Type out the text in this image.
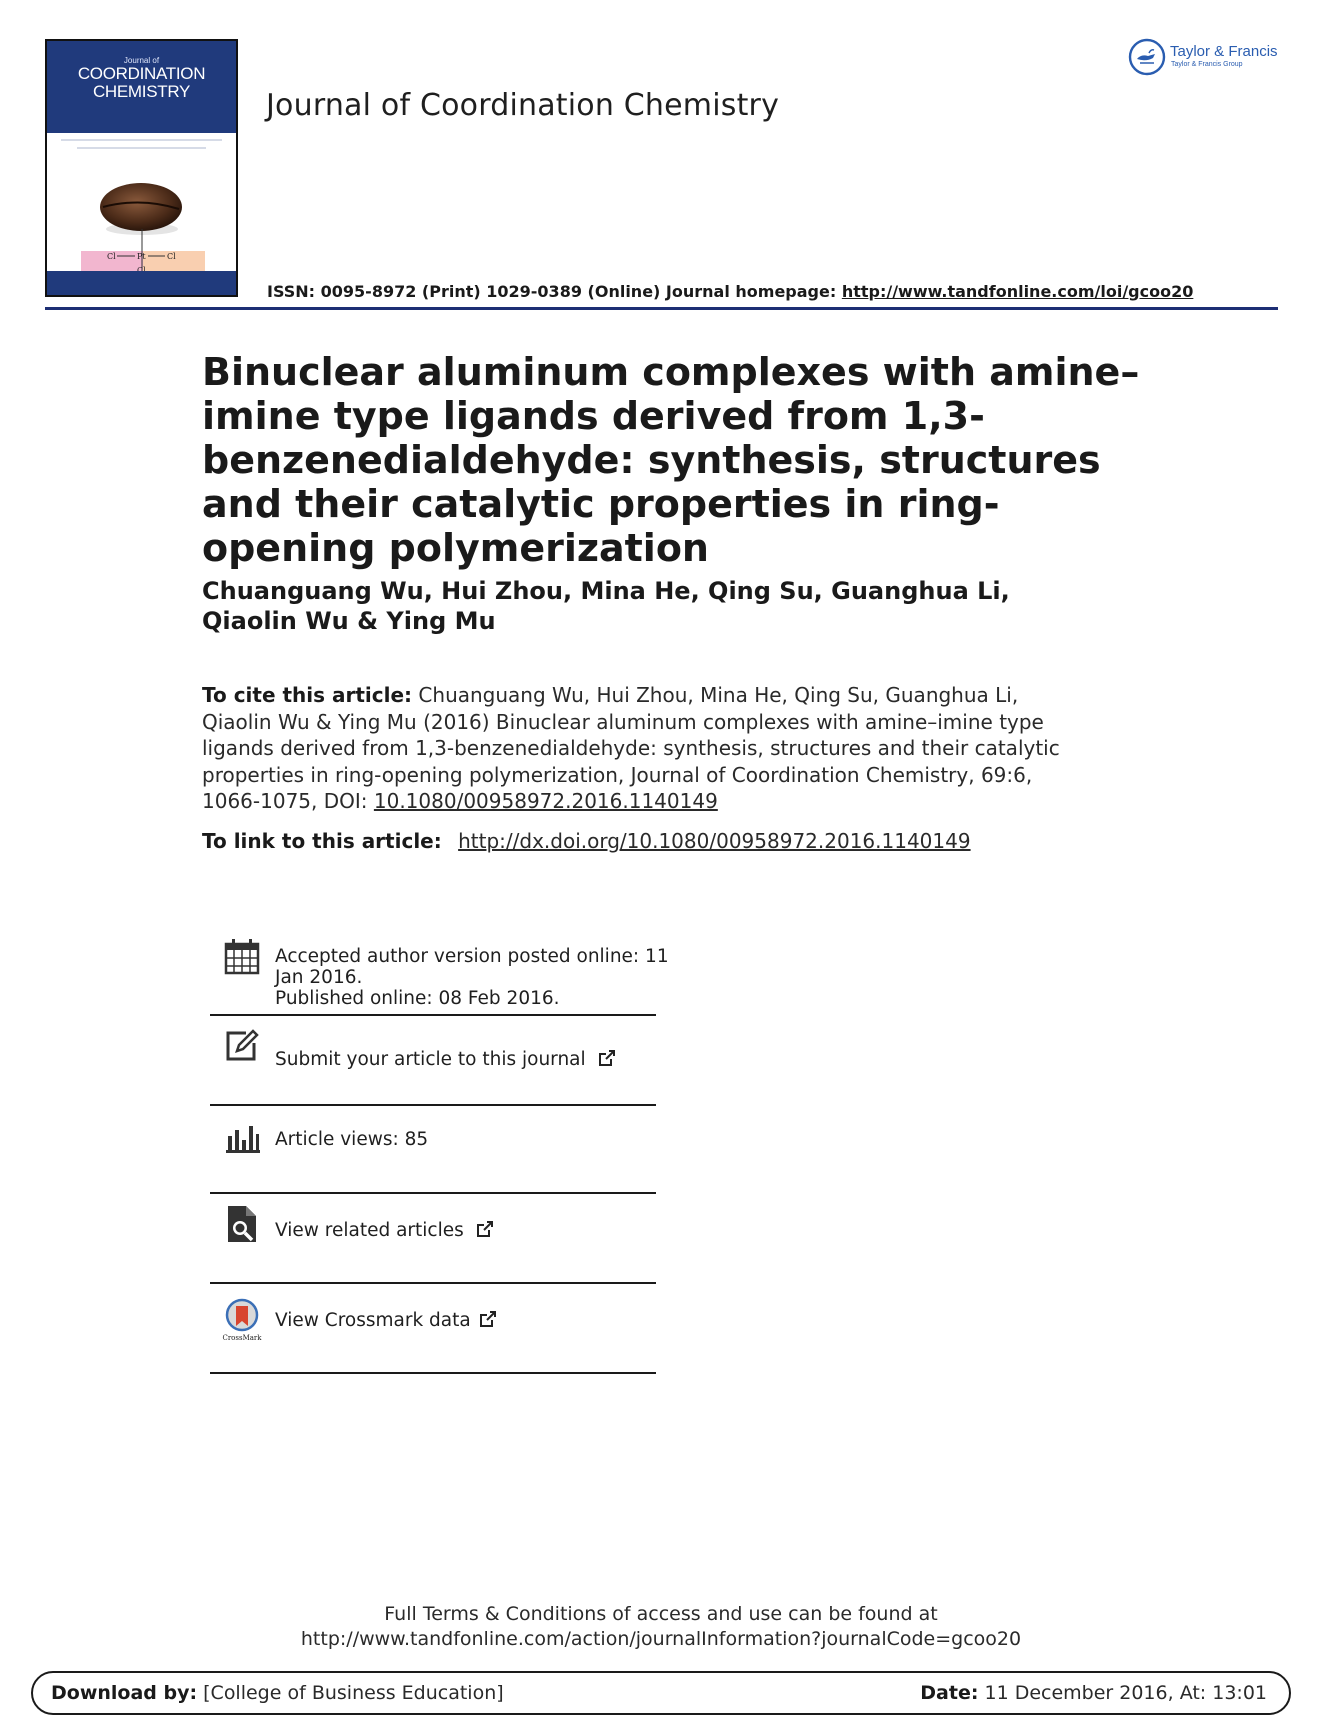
Journal of
COORDINATION
CHEMISTRY
Cl	Pt	Cl
Journal of Coordination Chemistry
Taylor & Francis
Taylor & Francis Group
ISSN: 0095-8972 (Print) 1029-0389 (Online) Journal homepage: http://www.tandfonline.com/loi/gcoo20
Binuclear aluminum complexes with amine–imine type ligands derived from 1,3-benzenedialdehyde: synthesis, structures and their catalytic properties in ring-opening polymerization
Chuanguang Wu, Hui Zhou, Mina He, Qing Su, Guanghua Li, Qiaolin Wu & Ying Mu
To cite this article: Chuanguang Wu, Hui Zhou, Mina He, Qing Su, Guanghua Li, Qiaolin Wu & Ying Mu (2016) Binuclear aluminum complexes with amine–imine type ligands derived from 1,3-benzenedialdehyde: synthesis, structures and their catalytic properties in ring-opening polymerization, Journal of Coordination Chemistry, 69:6, 1066-1075, DOI: 10.1080/00958972.2016.1140149
To link to this article: http://dx.doi.org/10.1080/00958972.2016.1140149
Accepted author version posted online: 11
Jan 2016.
Published online: 08 Feb 2016.
Submit your article to this journal
Article views: 85
View related articles
CrossMark
View Crossmark data
Full Terms & Conditions of access and use can be found at
http://www.tandfonline.com/action/journalInformation?journalCode=gcoo20
Download by: [College of Business Education]	Date: 11 December 2016, At: 13:01
